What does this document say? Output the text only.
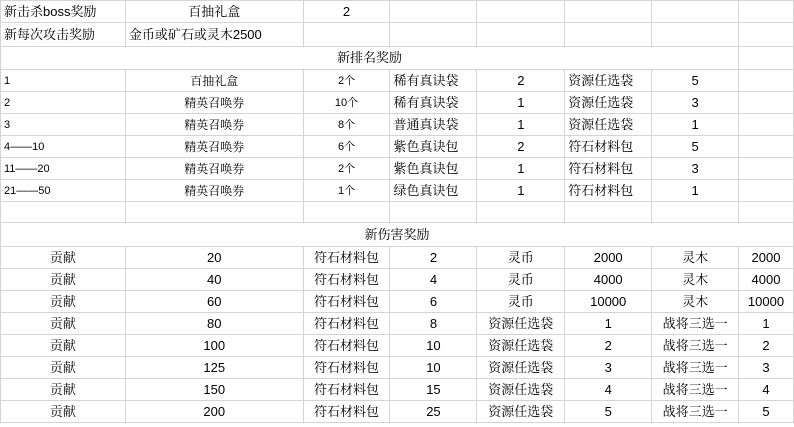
新击杀boss奖励	百抽礼盒	2					
新每次攻击奖励	金币或矿石或灵木2500						
新排名奖励							
1	百抽礼盒	2个	稀有真诀袋	2	资源任选袋	5	
2	精英召唤券	10个	稀有真诀袋	1	资源任选袋	3	
3	精英召唤券	8个	普通真诀袋	1	资源任选袋	1	
4——10	精英召唤券	6个	紫色真诀包	2	符石材料包	5	
11——20	精英召唤券	2个	紫色真诀包	1	符石材料包	3	
21——50	精英召唤券	1个	绿色真诀包	1	符石材料包	1	

新伤害奖励							
贡献	20	符石材料包	2	灵币	2000	灵木	2000
贡献	40	符石材料包	4	灵币	4000	灵木	4000
贡献	60	符石材料包	6	灵币	10000	灵木	10000
贡献	80	符石材料包	8	资源任选袋	1	战将三选一	1
贡献	100	符石材料包	10	资源任选袋	2	战将三选一	2
贡献	125	符石材料包	10	资源任选袋	3	战将三选一	3
贡献	150	符石材料包	15	资源任选袋	4	战将三选一	4
贡献	200	符石材料包	25	资源任选袋	5	战将三选一	5
